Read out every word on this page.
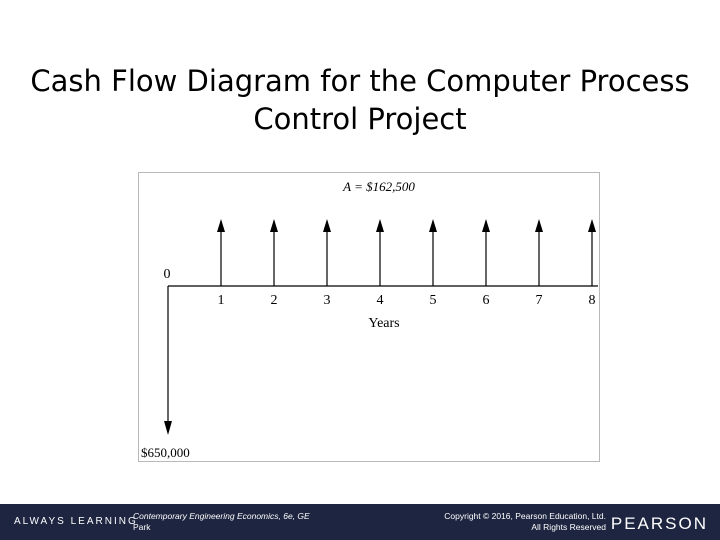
Cash Flow Diagram for the Computer Process
Control Project
A = $162,500
0
$650,000
1	2	3	4	5	6	7	8
Years
ALWAYS LEARNING
Contemporary Engineering Economics, 6e, GE
Park
Copyright © 2016, Pearson Education, Ltd.
All Rights Reserved PEARSON
